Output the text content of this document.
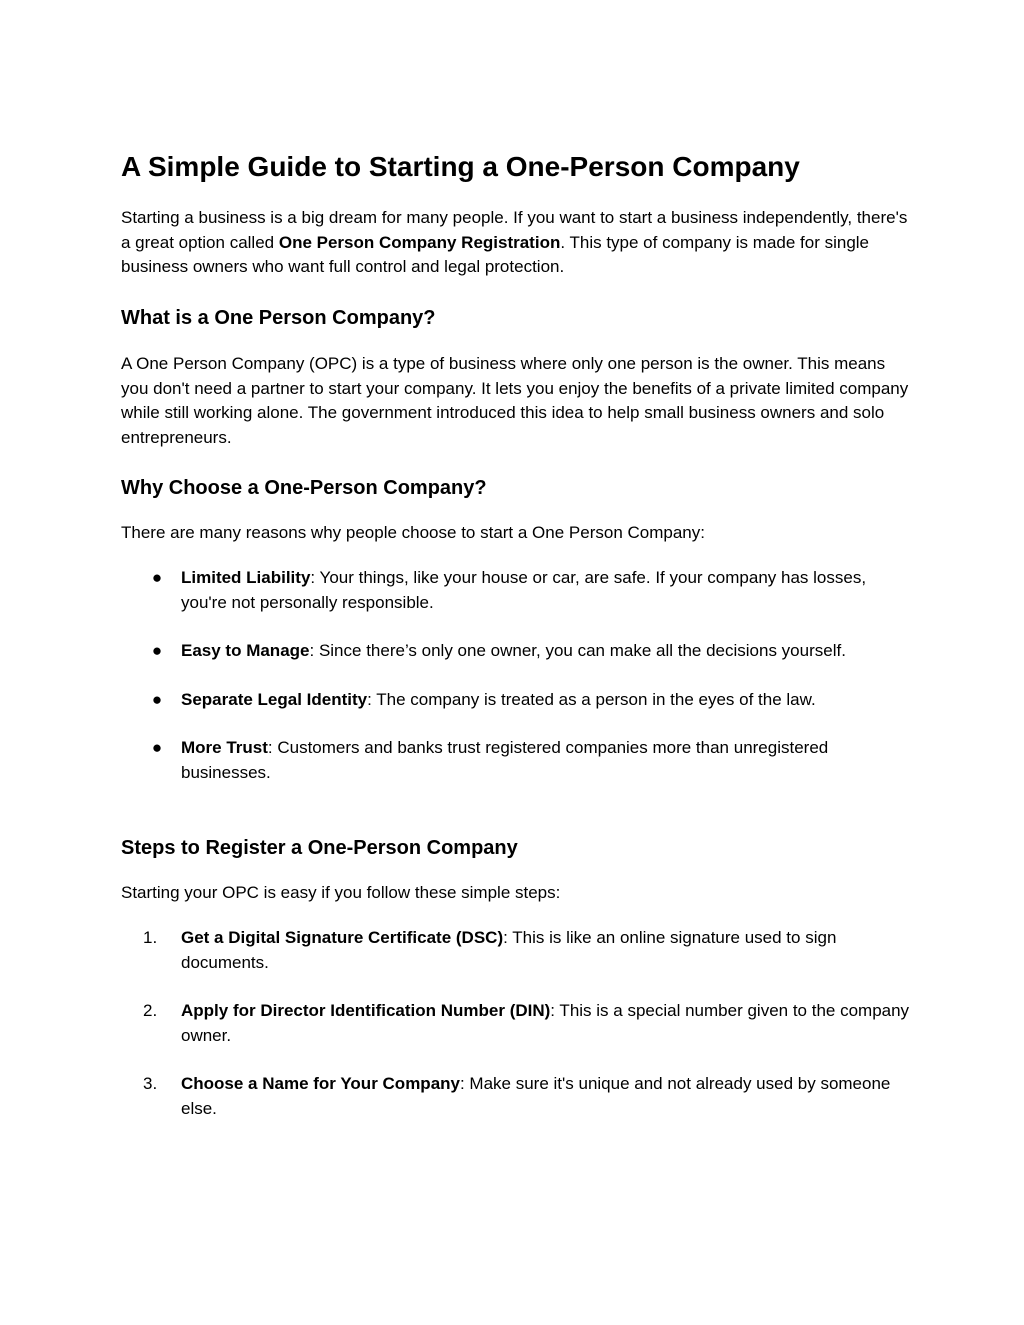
A Simple Guide to Starting a One-Person Company

Starting a business is a big dream for many people. If you want to start a business independently, there's a great option called One Person Company Registration. This type of company is made for single business owners who want full control and legal protection.

What is a One Person Company?

A One Person Company (OPC) is a type of business where only one person is the owner. This means you don't need a partner to start your company. It lets you enjoy the benefits of a private limited company while still working alone. The government introduced this idea to help small business owners and solo entrepreneurs.

Why Choose a One-Person Company?

There are many reasons why people choose to start a One Person Company:

●	Limited Liability: Your things, like your house or car, are safe. If your company has losses, you're not personally responsible.
●	Easy to Manage: Since there’s only one owner, you can make all the decisions yourself.
●	Separate Legal Identity: The company is treated as a person in the eyes of the law.
●	More Trust: Customers and banks trust registered companies more than unregistered businesses.
Steps to Register a One-Person Company

Starting your OPC is easy if you follow these simple steps:

1.	Get a Digital Signature Certificate (DSC): This is like an online signature used to sign documents.
2.	Apply for Director Identification Number (DIN): This is a special number given to the company owner.
3.	Choose a Name for Your Company: Make sure it's unique and not already used by someone else.
